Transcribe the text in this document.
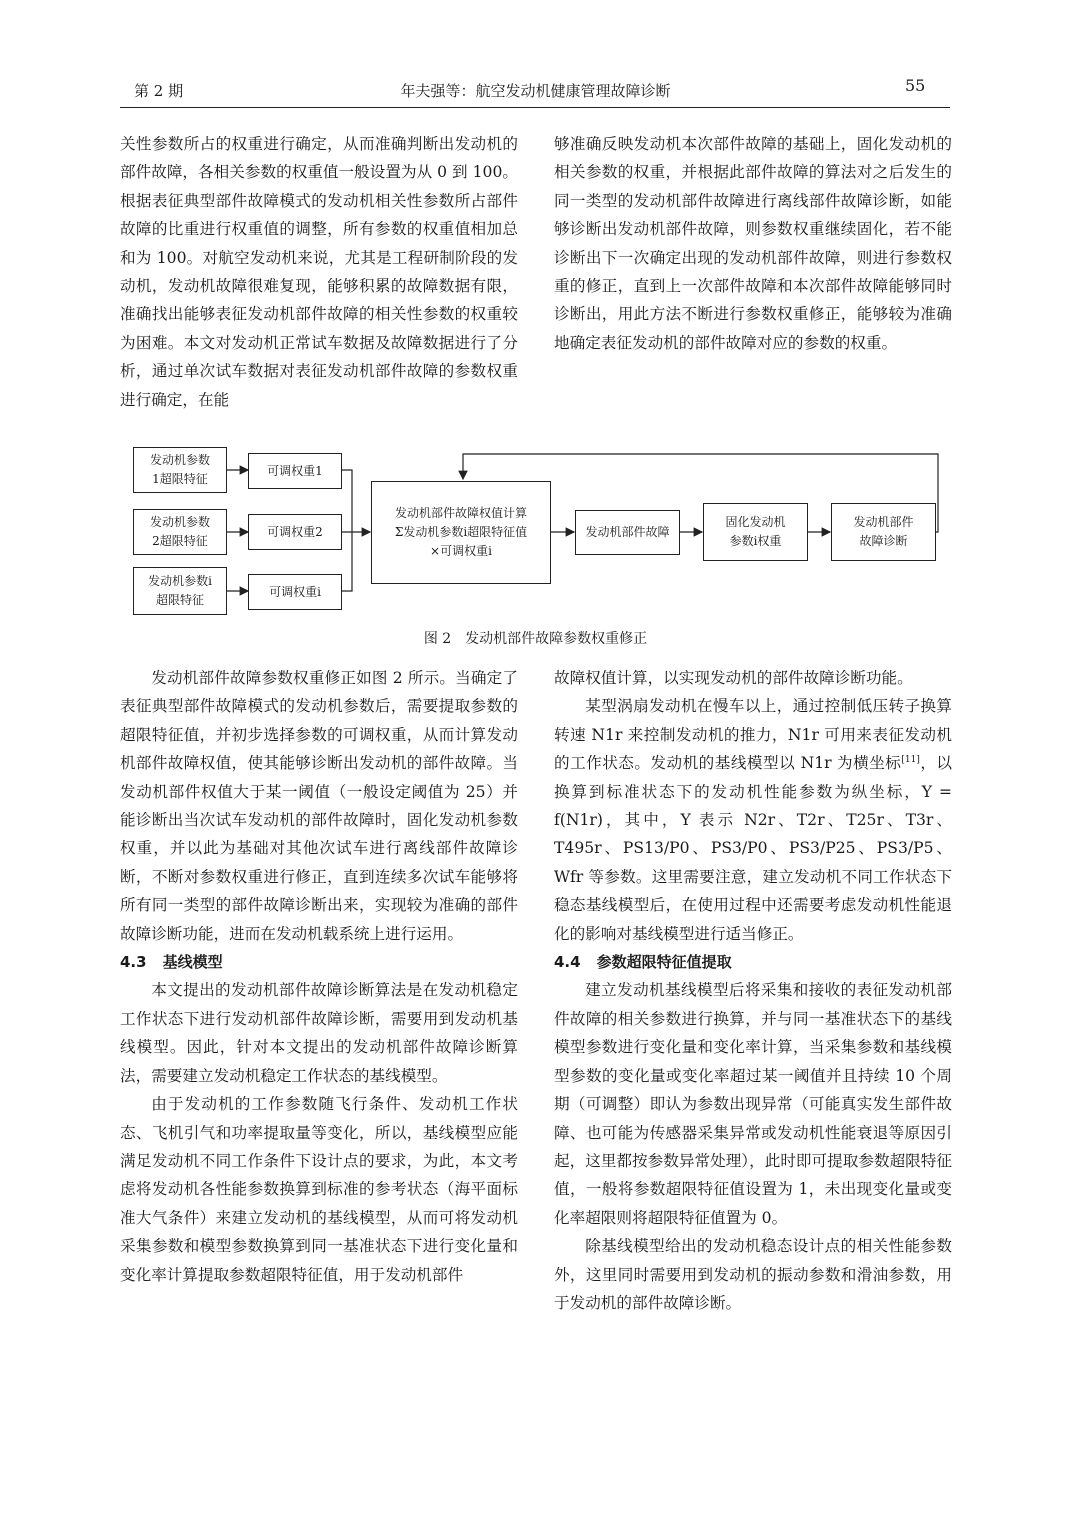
第 2 期	年夫强等：航空发动机健康管理故障诊断	55

关性参数所占的权重进行确定，从而准确判断出发动机的部件故障，各相关参数的权重值一般设置为从 0 到 100。根据表征典型部件故障模式的发动机相关性参数所占部件故障的比重进行权重值的调整，所有参数的权重值相加总和为 100。对航空发动机来说，尤其是工程研制阶段的发动机，发动机故障很难复现，能够积累的故障数据有限，准确找出能够表征发动机部件故障的相关性参数的权重较为困难。本文对发动机正常试车数据及故障数据进行了分析，通过单次试车数据对表征发动机部件故障的参数权重进行确定，在能

够准确反映发动机本次部件故障的基础上，固化发动机的相关参数的权重，并根据此部件故障的算法对之后发生的同一类型的发动机部件故障进行离线部件故障诊断，如能够诊断出发动机部件故障，则参数权重继续固化，若不能诊断出下一次确定出现的发动机部件故障，则进行参数权重的修正，直到上一次部件故障和本次部件故障能够同时诊断出，用此方法不断进行参数权重修正，能够较为准确地确定表征发动机的部件故障对应的参数的权重。

发动机参数
1超限特征
发动机参数
2超限特征
发动机参数i
超限特征
可调权重1
可调权重2
可调权重i
发动机部件故障权值计算
Σ发动机参数i超限特征值
×可调权重i
发动机部件故障
固化发动机
参数i权重
发动机部件
故障诊断
图 2　发动机部件故障参数权重修正

发动机部件故障参数权重修正如图 2 所示。当确定了表征典型部件故障模式的发动机参数后，需要提取参数的超限特征值，并初步选择参数的可调权重，从而计算发动机部件故障权值，使其能够诊断出发动机的部件故障。当发动机部件权值大于某一阈值（一般设定阈值为 25）并能诊断出当次试车发动机的部件故障时，固化发动机参数权重，并以此为基础对其他次试车进行离线部件故障诊断，不断对参数权重进行修正，直到连续多次试车能够将所有同一类型的部件故障诊断出来，实现较为准确的部件故障诊断功能，进而在发动机载系统上进行运用。

4.3 基线模型

本文提出的发动机部件故障诊断算法是在发动机稳定工作状态下进行发动机部件故障诊断，需要用到发动机基线模型。因此，针对本文提出的发动机部件故障诊断算法，需要建立发动机稳定工作状态的基线模型。

由于发动机的工作参数随飞行条件、发动机工作状态、飞机引气和功率提取量等变化，所以，基线模型应能满足发动机不同工作条件下设计点的要求，为此，本文考虑将发动机各性能参数换算到标准的参考状态（海平面标准大气条件）来建立发动机的基线模型，从而可将发动机采集参数和模型参数换算到同一基准状态下进行变化量和变化率计算提取参数超限特征值，用于发动机部件

故障权值计算，以实现发动机的部件故障诊断功能。

某型涡扇发动机在慢车以上，通过控制低压转子换算转速 N1r 来控制发动机的推力，N1r 可用来表征发动机的工作状态。发动机的基线模型以 N1r 为横坐标[11]，以换算到标准状态下的发动机性能参数为纵坐标，Y = f(N1r)，其中，Y 表示 N2r、T2r、T25r、T3r、T495r、PS13/P0、PS3/P0、PS3/P25、PS3/P5、Wfr 等参数。这里需要注意，建立发动机不同工作状态下稳态基线模型后，在使用过程中还需要考虑发动机性能退化的影响对基线模型进行适当修正。

4.4 参数超限特征值提取

建立发动机基线模型后将采集和接收的表征发动机部件故障的相关参数进行换算，并与同一基准状态下的基线模型参数进行变化量和变化率计算，当采集参数和基线模型参数的变化量或变化率超过某一阈值并且持续 10 个周期（可调整）即认为参数出现异常（可能真实发生部件故障、也可能为传感器采集异常或发动机性能衰退等原因引起，这里都按参数异常处理），此时即可提取参数超限特征值，一般将参数超限特征值设置为 1，未出现变化量或变化率超限则将超限特征值置为 0。

除基线模型给出的发动机稳态设计点的相关性能参数外，这里同时需要用到发动机的振动参数和滑油参数，用于发动机的部件故障诊断。
